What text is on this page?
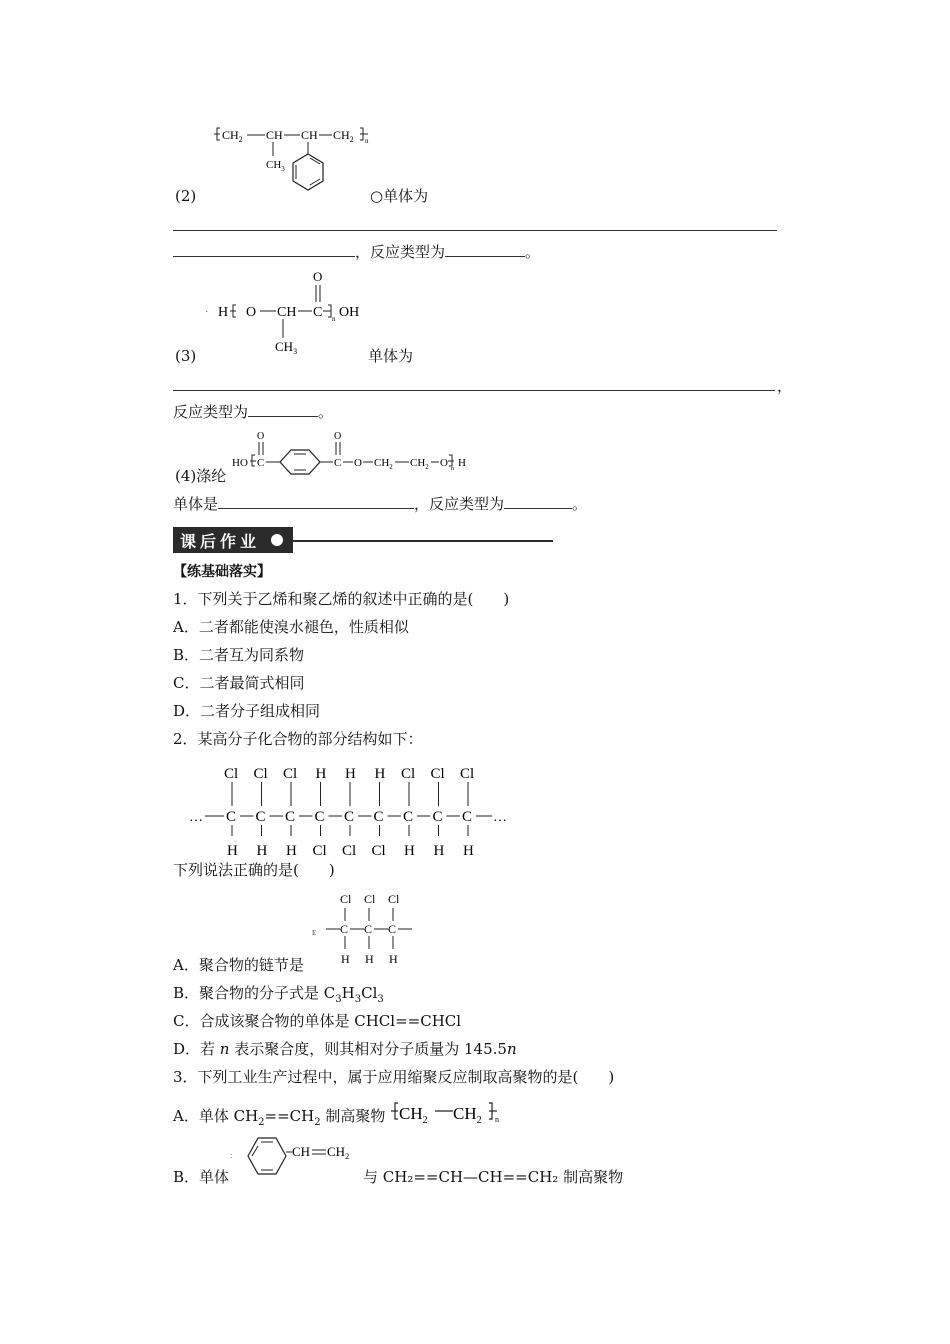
$CH_2$ CH CH $CH_2$ n
$CH_3$
(2)	○单体为
，反应类型为	。
· H O CH C n OH
O
$CH_3$
(3)	单体为
，
反应类型为	。
HO C
O
C
O
O $CH_2$ $CH_2$ O n H
(4)涤纶
单体是	，反应类型为	。
课后作业
【练基础落实】
1．下列关于乙烯和聚乙烯的叙述中正确的是(　　)
A．二者都能使溴水褪色，性质相似
B．二者互为同系物
C．二者最简式相同
D．二者分子组成相同
2．某高分子化合物的部分结构如下：
… C
Cl
H
C
Cl
H
C
Cl
H
C
H
Cl
C
H
Cl
C
H
Cl
C
Cl
H
C
Cl
H
C
Cl
H
…
下列说法正确的是(　　)
E C C C
Cl Cl Cl
H H H
A．聚合物的链节是
B．聚合物的分子式是 $C_3H_3Cl_3$
C．合成该聚合物的单体是 CHCl==CHCl
D．若 n 表示聚合度，则其相对分子质量为 145.5n
3．下列工业生产过程中，属于应用缩聚反应制取高聚物的是(　　)
A．单体 $CH_2==CH_2$ 制高聚物 $CH_2$ $CH_2$ n
:	CH $CH_2$
B．单体	与 CH₂==CH—CH==CH₂ 制高聚物
